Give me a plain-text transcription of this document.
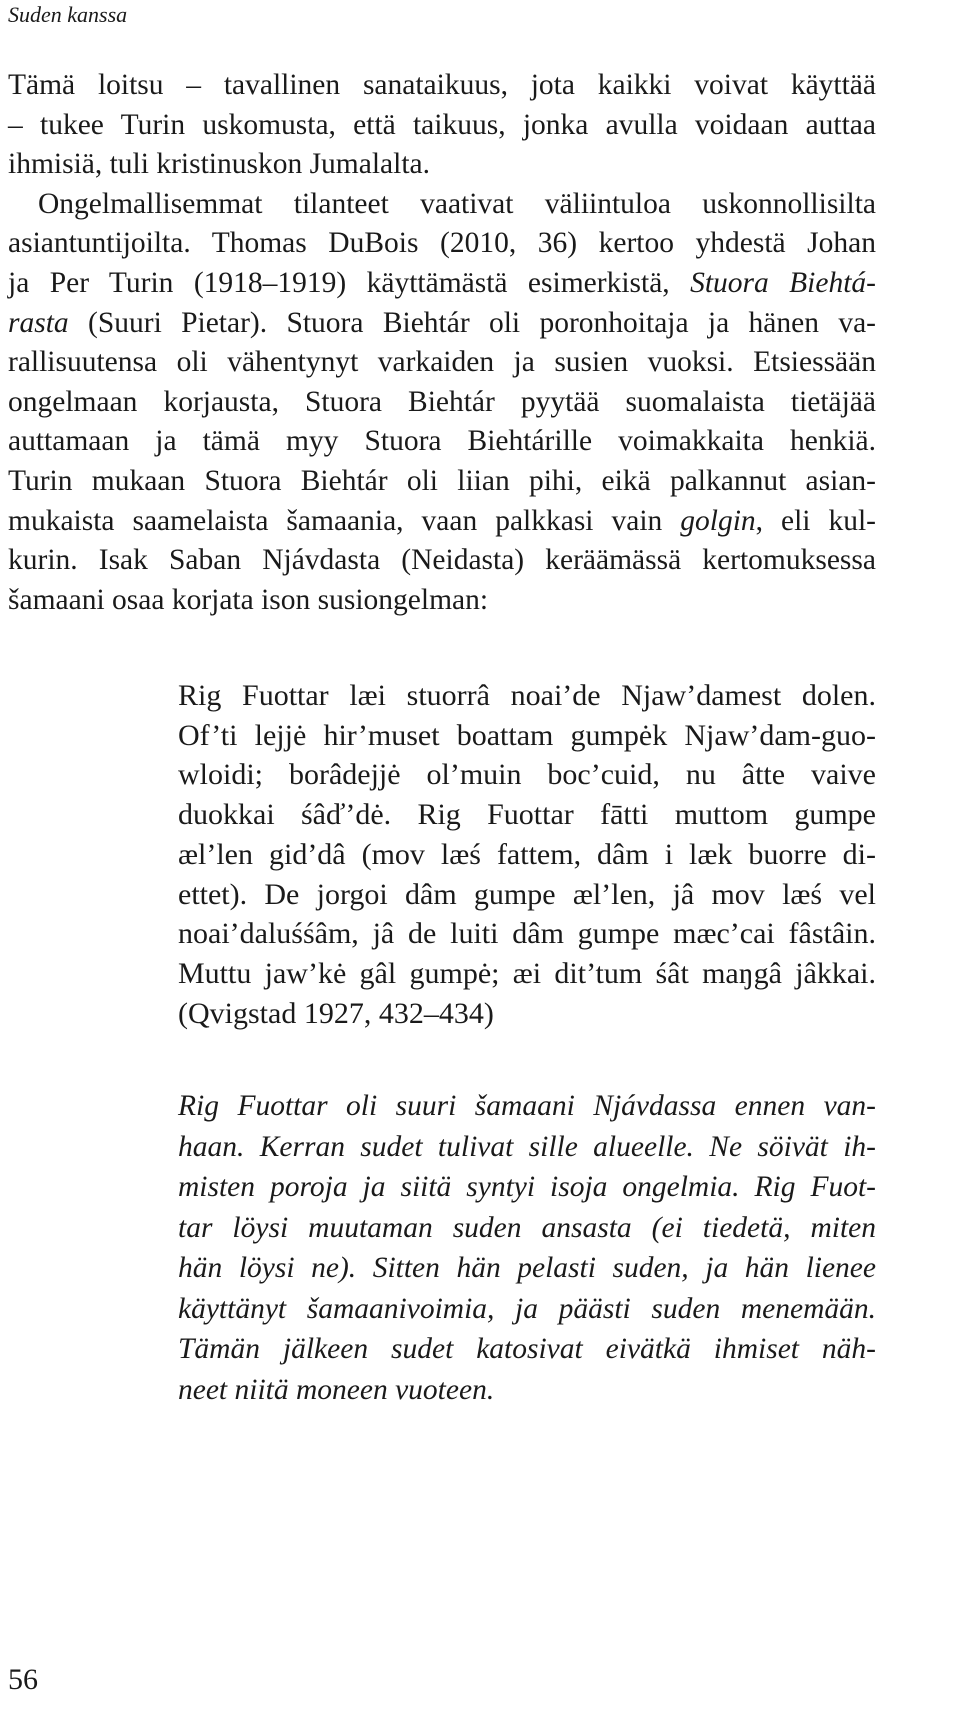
Suden kanssa
Tämä loitsu – tavallinen sanataikuus, jota kaikki voivat käyttää
– tukee Turin uskomusta, että taikuus, jonka avulla voidaan auttaa
ihmisiä, tuli kristinuskon Jumalalta.
Ongelmallisemmat tilanteet vaativat väliintuloa uskonnollisilta
asiantuntijoilta. Thomas DuBois (2010, 36) kertoo yhdestä Johan
ja Per Turin (1918–1919) käyttämästä esimerkistä, Stuora Biehtá-
rasta (Suuri Pietar). Stuora Biehtár oli poronhoitaja ja hänen va-
rallisuutensa oli vähentynyt varkaiden ja susien vuoksi. Etsiessään
ongelmaan korjausta, Stuora Biehtár pyytää suomalaista tietäjää
auttamaan ja tämä myy Stuora Biehtárille voimakkaita henkiä.
Turin mukaan Stuora Biehtár oli liian pihi, eikä palkannut asian-
mukaista saamelaista šamaania, vaan palkkasi vain golgin, eli kul-
kurin. Isak Saban Njávdasta (Neidasta) keräämässä kertomuksessa
šamaani osaa korjata ison susiongelman:
Rig Fuottar læi stuorrâ noai’de Njaw’damest dolen.
Of’ti lejjė hir’muset boattam gumpėk Njaw’dam-guo-
wloidi; borâdejjė ol’muin boc’cuid, nu âtte vaive
duokkai śâď’dė. Rig Fuottar fātti muttom gumpe
æl’len gid’dâ (mov læś fattem, dâm i læk buorre di-
ettet). De jorgoi dâm gumpe æl’len, jâ mov læś vel
noai’daluśśâm, jâ de luiti dâm gumpe mæc’cai fâstâin.
Muttu jaw’kė gâl gumpė; æi dit’tum śât maŋgâ jâkkai.
(Qvigstad 1927, 432–434)
Rig Fuottar oli suuri šamaani Njávdassa ennen van-
haan. Kerran sudet tulivat sille alueelle. Ne söivät ih-
misten poroja ja siitä syntyi isoja ongelmia. Rig Fuot-
tar löysi muutaman suden ansasta (ei tiedetä, miten
hän löysi ne). Sitten hän pelasti suden, ja hän lienee
käyttänyt šamaanivoimia, ja päästi suden menemään.
Tämän jälkeen sudet katosivat eivätkä ihmiset näh-
neet niitä moneen vuoteen.
56
